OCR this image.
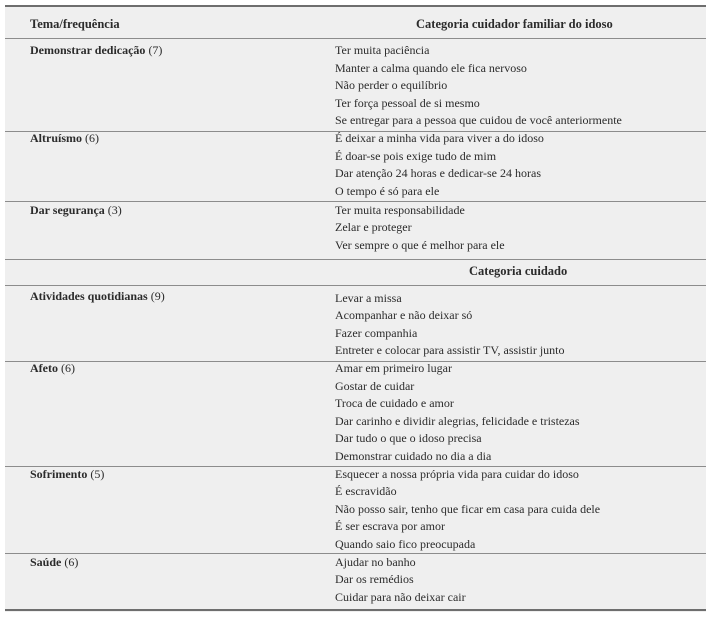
Tema/frequência	Categoria cuidador familiar do idoso
Demonstrar dedicação (7)	Ter muita paciência
Manter a calma quando ele fica nervoso
Não perder o equilíbrio
Ter força pessoal de si mesmo
Se entregar para a pessoa que cuidou de você anteriormente
Altruísmo (6)	É deixar a minha vida para viver a do idoso
É doar-se pois exige tudo de mim
Dar atenção 24 horas e dedicar-se 24 horas
O tempo é só para ele
Dar segurança (3)	Ter muita responsabilidade
Zelar e proteger
Ver sempre o que é melhor para ele
Categoria cuidado
Atividades quotidianas (9)	Levar a missa
Acompanhar e não deixar só
Fazer companhia
Entreter e colocar para assistir TV, assistir junto
Afeto (6)	Amar em primeiro lugar
Gostar de cuidar
Troca de cuidado e amor
Dar carinho e dividir alegrias, felicidade e tristezas
Dar tudo o que o idoso precisa
Demonstrar cuidado no dia a dia
Sofrimento (5)	Esquecer a nossa própria vida para cuidar do idoso
É escravidão
Não posso sair, tenho que ficar em casa para cuida dele
É ser escrava por amor
Quando saio fico preocupada
Saúde (6)	Ajudar no banho
Dar os remédios
Cuidar para não deixar cair
